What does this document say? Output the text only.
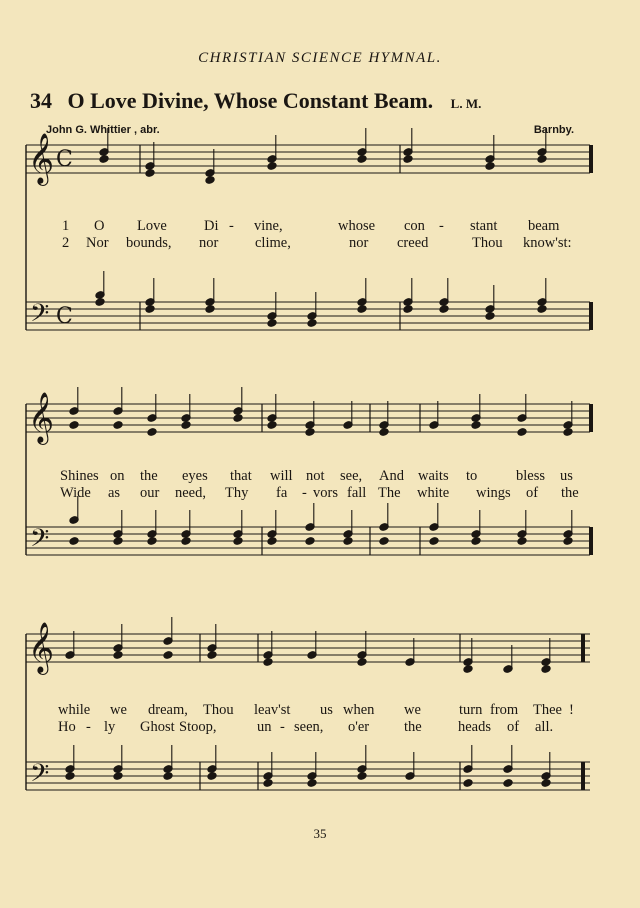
CHRISTIAN SCIENCE HYMNAL.
34 O Love Divine, Whose Constant Beam. L. M.
John G. Whittier , abr.	Barnby.
𝄞
𝄢
C
C
𝄞
𝄢
𝄞
𝄢
1 O Love	Di - vine,	whose con - stant beam
2 Nor bounds, nor	clime,	nor creed	Thou know'st:
Shines on the eyes that will not see, And waits to	bless us
Wide as our need, Thy fa - vors fall The white wings of the
while we dream, Thou leav'st us when we	turn from Thee !
Ho - ly Ghost Stoop,	un - seen, o'er the	heads of all.
35
